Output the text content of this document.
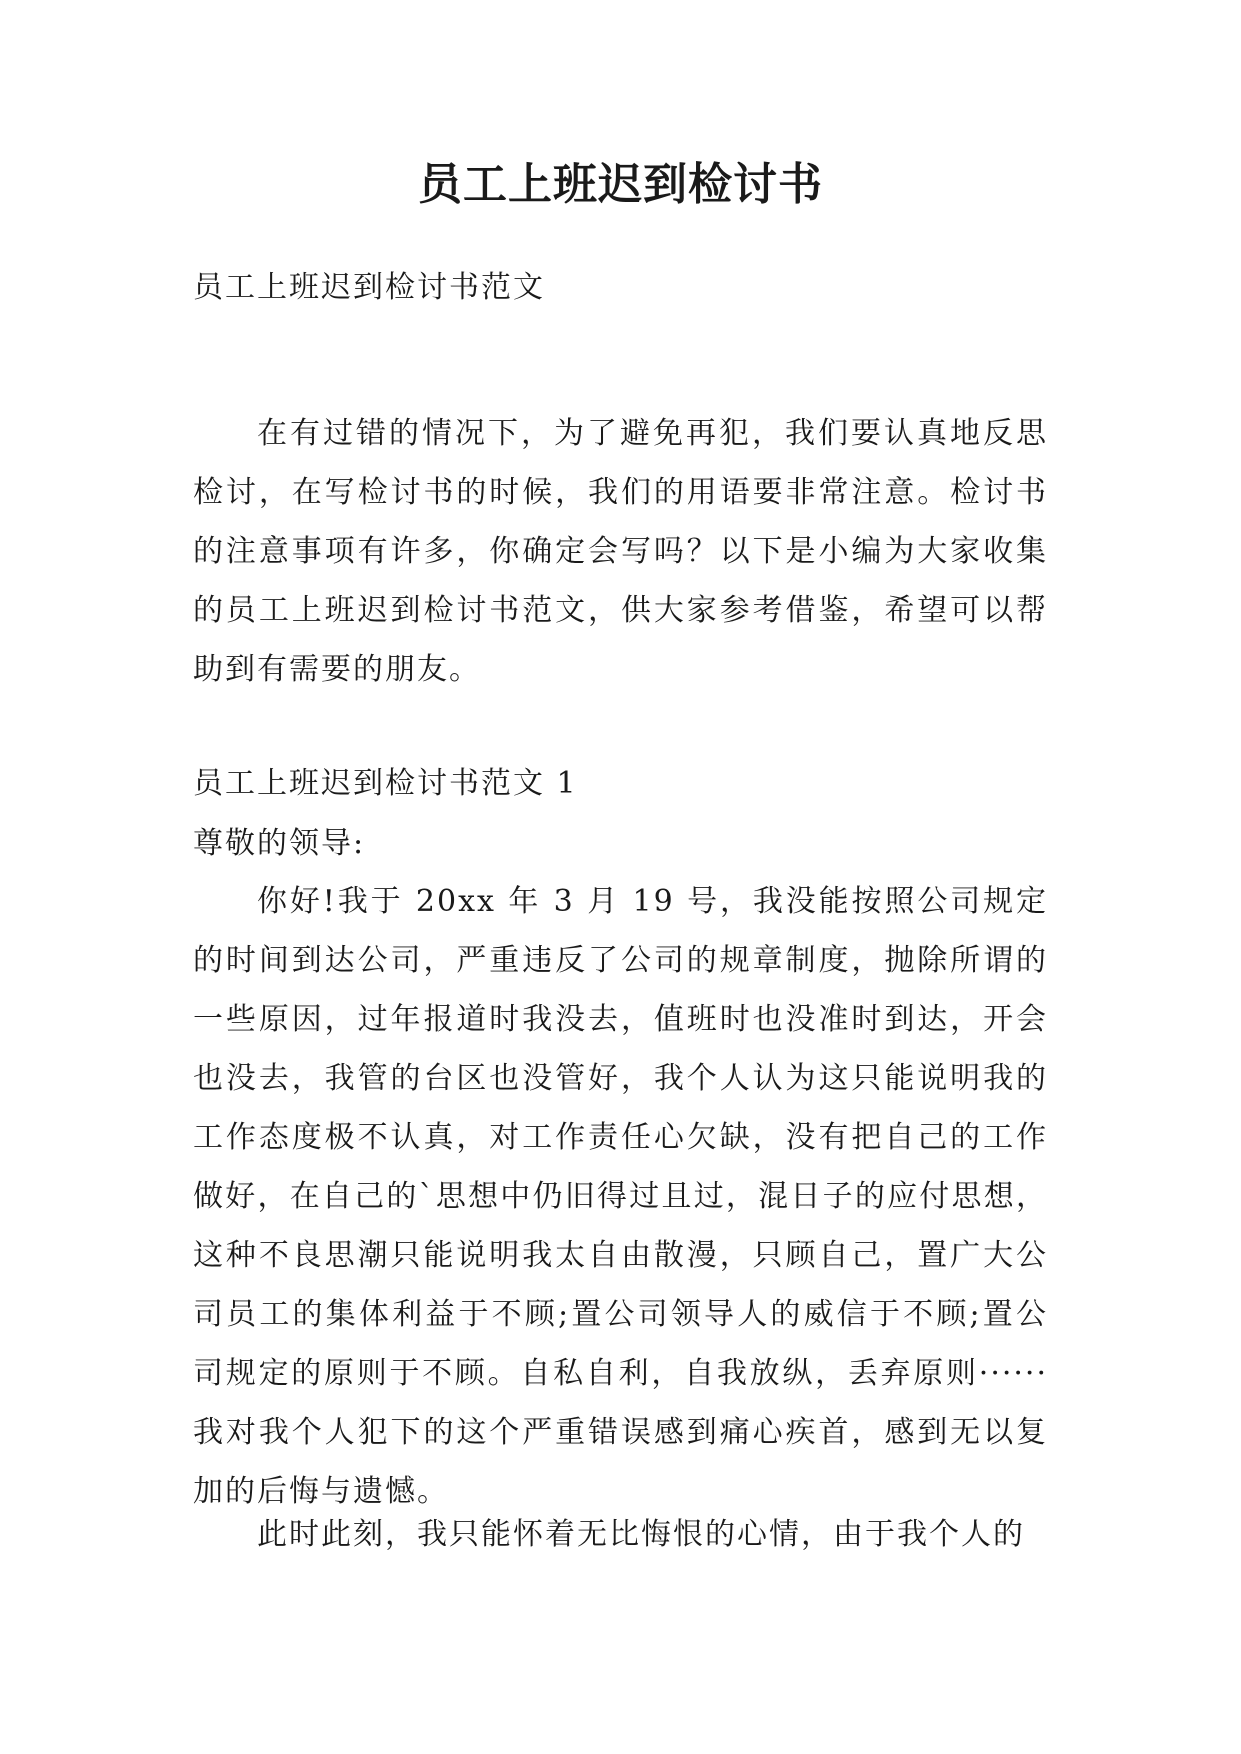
员工上班迟到检讨书

员工上班迟到检讨书范文

在有过错的情况下，为了避免再犯，我们要认真地反思检讨，在写检讨书的时候，我们的用语要非常注意。检讨书的注意事项有许多，你确定会写吗？以下是小编为大家收集的员工上班迟到检讨书范文，供大家参考借鉴，希望可以帮助到有需要的朋友。

员工上班迟到检讨书范文 1

尊敬的领导:

你好!我于 20xx 年 3 月 19 号，我没能按照公司规定的时间到达公司，严重违反了公司的规章制度，抛除所谓的一些原因，过年报道时我没去，值班时也没准时到达，开会也没去，我管的台区也没管好，我个人认为这只能说明我的工作态度极不认真，对工作责任心欠缺，没有把自己的工作做好，在自己的`思想中仍旧得过且过，混日子的应付思想，这种不良思潮只能说明我太自由散漫，只顾自己，置广大公司员工的集体利益于不顾;置公司领导人的威信于不顾;置公司规定的原则于不顾。自私自利，自我放纵，丢弃原则······我对我个人犯下的这个严重错误感到痛心疾首，感到无以复加的后悔与遗憾。

此时此刻，我只能怀着无比悔恨的心情，由于我个人的
